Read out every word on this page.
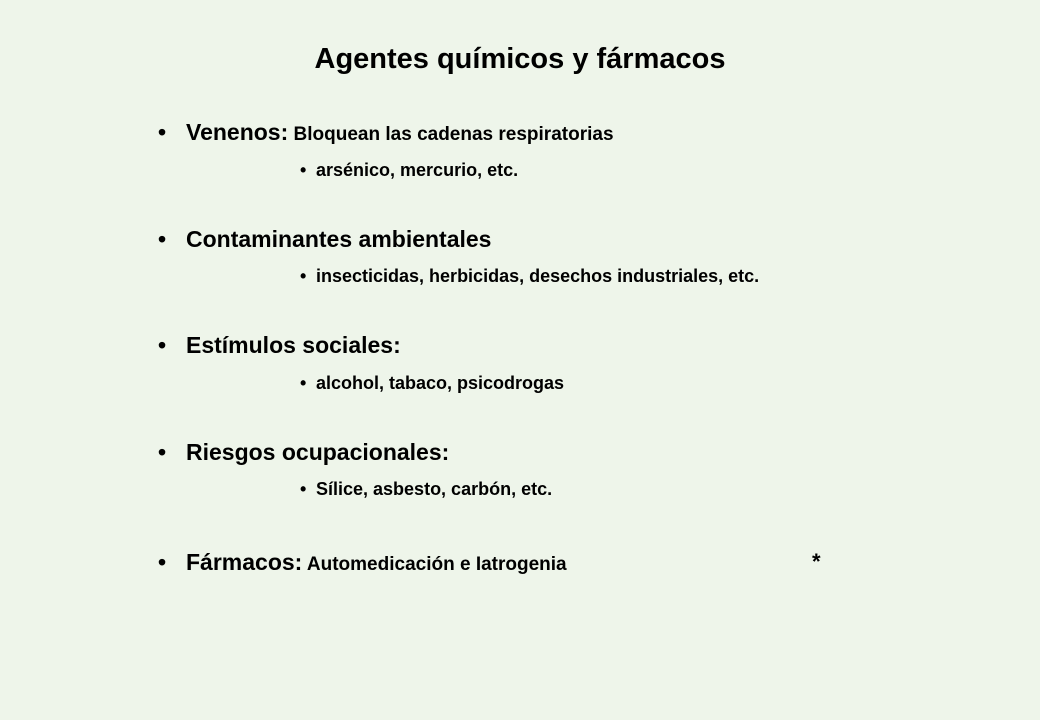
Agentes químicos y fármacos
• Venenos: Bloquean las cadenas respiratorias
• arsénico, mercurio, etc.
• Contaminantes ambientales
• insecticidas, herbicidas, desechos industriales, etc.
• Estímulos sociales:
• alcohol, tabaco, psicodrogas
• Riesgos ocupacionales:
• Sílice, asbesto, carbón, etc.
• Fármacos: Automedicación e Iatrogenia	*
